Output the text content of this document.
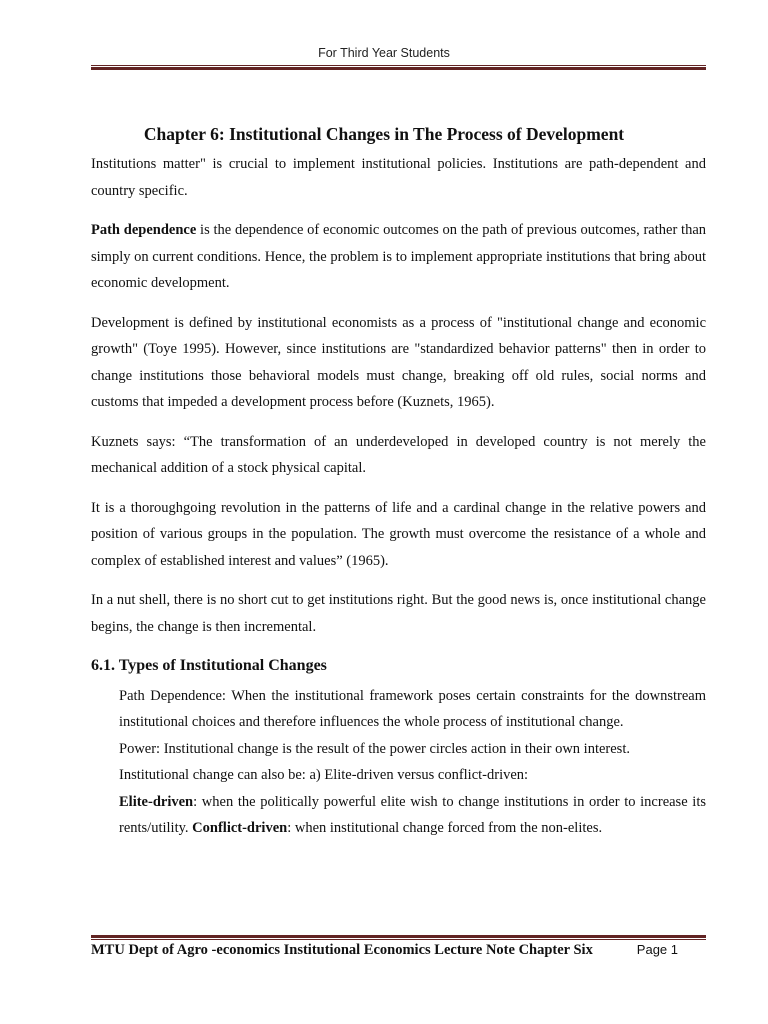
For Third Year Students
Chapter 6: Institutional Changes in The Process of Development

Institutions matter" is crucial to implement institutional policies. Institutions are path-dependent and country specific.

Path dependence is the dependence of economic outcomes on the path of previous outcomes, rather than simply on current conditions. Hence, the problem is to implement appropriate institutions that bring about economic development.

Development is defined by institutional economists as a process of "institutional change and economic growth" (Toye 1995). However, since institutions are "standardized behavior patterns" then in order to change institutions those behavioral models must change, breaking off old rules, social norms and customs that impeded a development process before (Kuznets, 1965).

Kuznets says: “The transformation of an underdeveloped in developed country is not merely the mechanical addition of a stock physical capital.

It is a thoroughgoing revolution in the patterns of life and a cardinal change in the relative powers and position of various groups in the population. The growth must overcome the resistance of a whole and complex of established interest and values” (1965).

In a nut shell, there is no short cut to get institutions right. But the good news is, once institutional change begins, the change is then incremental.

6.1. Types of Institutional Changes

Path Dependence: When the institutional framework poses certain constraints for the downstream institutional choices and therefore influences the whole process of institutional change.

Power: Institutional change is the result of the power circles action in their own interest.

Institutional change can also be: a) Elite-driven versus conflict-driven:

Elite-driven: when the politically powerful elite wish to change institutions in order to increase its rents/utility. Conflict-driven: when institutional change forced from the non-elites.

MTU Dept of Agro -economics Institutional Economics Lecture Note Chapter Six	Page 1
